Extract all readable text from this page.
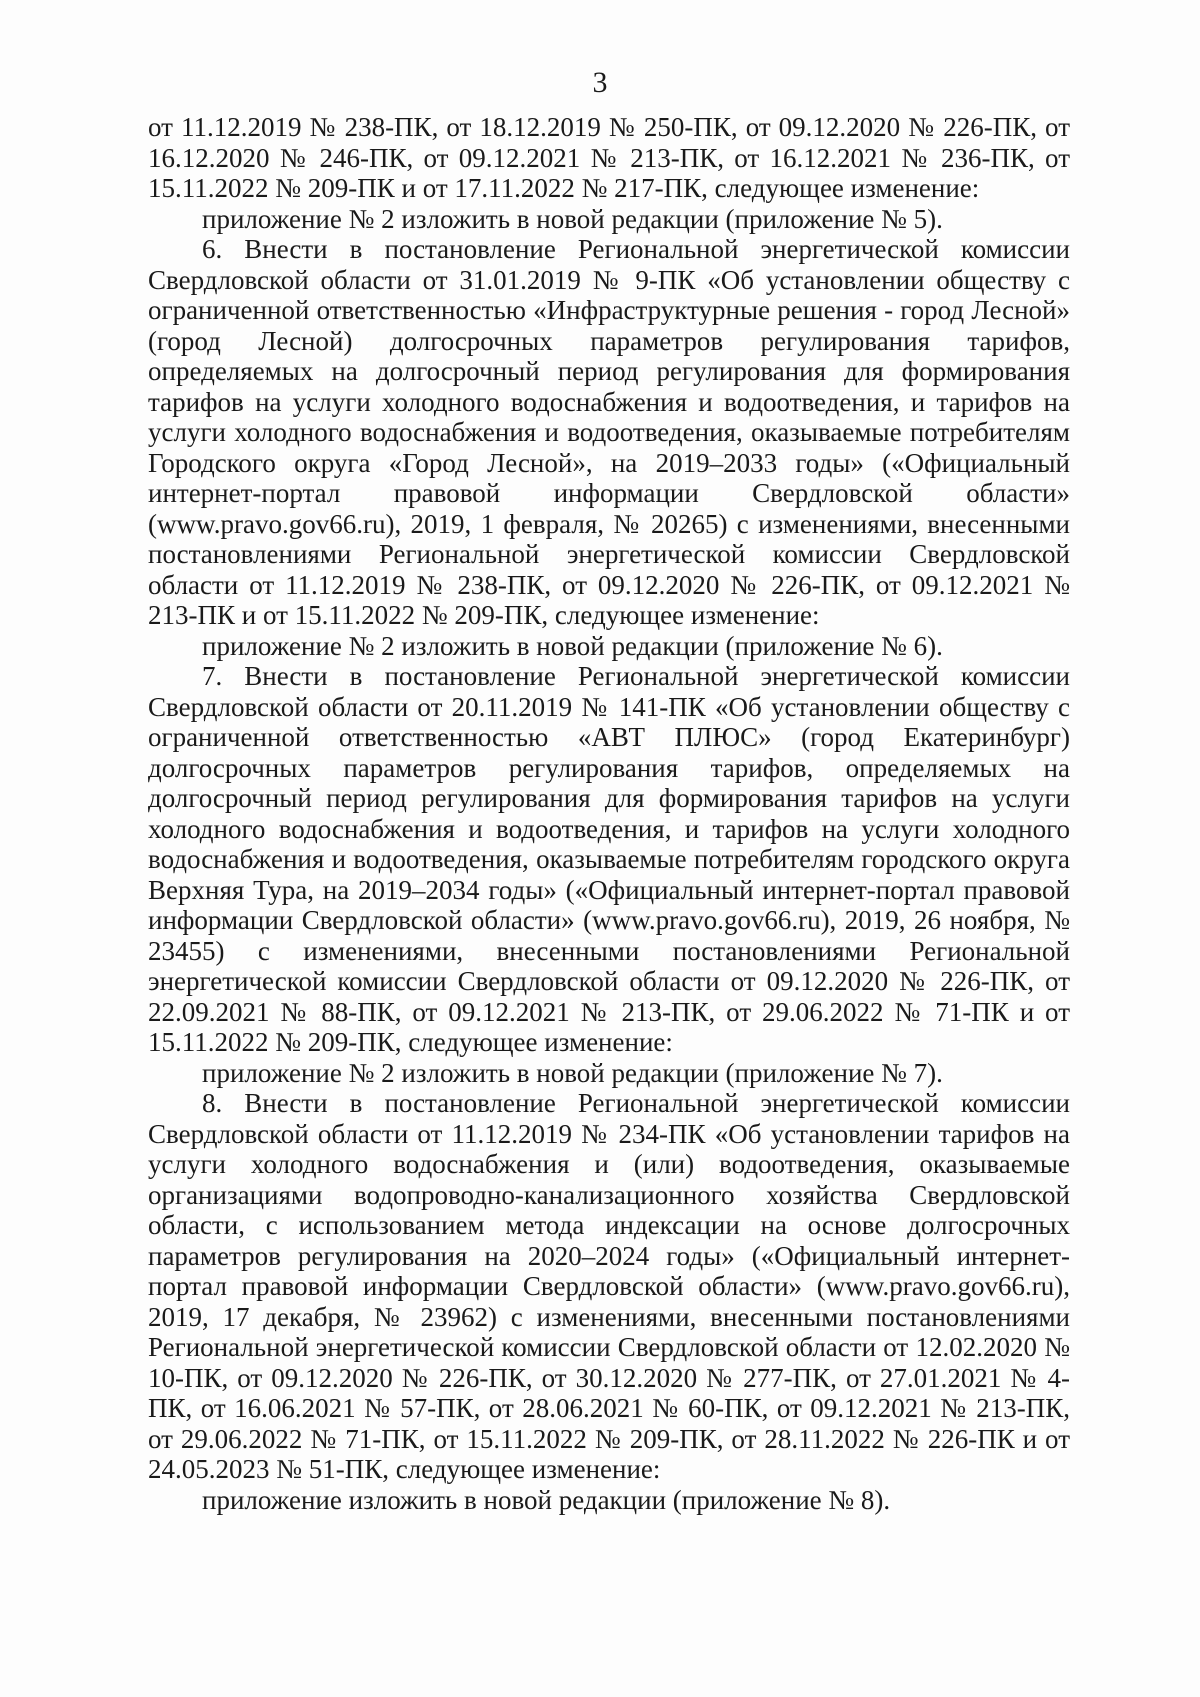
3

от 11.12.2019 № 238-ПК, от 18.12.2019 № 250-ПК, от 09.12.2020 № 226-ПК, от 16.12.2020 № 246-ПК, от 09.12.2021 № 213-ПК, от 16.12.2021 № 236-ПК, от 15.11.2022 № 209-ПК и от 17.11.2022 № 217-ПК, следующее изменение:

приложение № 2 изложить в новой редакции (приложение № 5).

6. Внести в постановление Региональной энергетической комиссии Свердловской области от 31.01.2019 № 9-ПК «Об установлении обществу с ограниченной ответственностью «Инфраструктурные решения - город Лесной» (город Лесной) долгосрочных параметров регулирования тарифов, определяемых на долгосрочный период регулирования для формирования тарифов на услуги холодного водоснабжения и водоотведения, и тарифов на услуги холодного водоснабжения и водоотведения, оказываемые потребителям Городского округа «Город Лесной», на 2019–2033 годы» («Официальный интернет-портал правовой информации Свердловской области» (www.pravo.gov66.ru), 2019, 1 февраля, № 20265) с изменениями, внесенными постановлениями Региональной энергетической комиссии Свердловской области от 11.12.2019 № 238-ПК, от 09.12.2020 № 226-ПК, от 09.12.2021 № 213-ПК и от 15.11.2022 № 209-ПК, следующее изменение:

приложение № 2 изложить в новой редакции (приложение № 6).

7. Внести в постановление Региональной энергетической комиссии Свердловской области от 20.11.2019 № 141-ПК «Об установлении обществу с ограниченной ответственностью «АВТ ПЛЮС» (город Екатеринбург) долгосрочных параметров регулирования тарифов, определяемых на долгосрочный период регулирования для формирования тарифов на услуги холодного водоснабжения и водоотведения, и тарифов на услуги холодного водоснабжения и водоотведения, оказываемые потребителям городского округа Верхняя Тура, на 2019–2034 годы» («Официальный интернет-портал правовой информации Свердловской области» (www.pravo.gov66.ru), 2019, 26 ноября, № 23455) с изменениями, внесенными постановлениями Региональной энергетической комиссии Свердловской области от 09.12.2020 № 226-ПК, от 22.09.2021 № 88-ПК, от 09.12.2021 № 213-ПК, от 29.06.2022 № 71-ПК и от 15.11.2022 № 209-ПК, следующее изменение:

приложение № 2 изложить в новой редакции (приложение № 7).

8. Внести в постановление Региональной энергетической комиссии Свердловской области от 11.12.2019 № 234-ПК «Об установлении тарифов на услуги холодного водоснабжения и (или) водоотведения, оказываемые организациями водопроводно-канализационного хозяйства Свердловской области, с использованием метода индексации на основе долгосрочных параметров регулирования на 2020–2024 годы» («Официальный интернет-портал правовой информации Свердловской области» (www.pravo.gov66.ru), 2019, 17 декабря, № 23962) с изменениями, внесенными постановлениями Региональной энергетической комиссии Свердловской области от 12.02.2020 № 10-ПК, от 09.12.2020 № 226-ПК, от 30.12.2020 № 277-ПК, от 27.01.2021 № 4-ПК, от 16.06.2021 № 57-ПК, от 28.06.2021 № 60-ПК, от 09.12.2021 № 213-ПК, от 29.06.2022 № 71-ПК, от 15.11.2022 № 209-ПК, от 28.11.2022 № 226-ПК и от 24.05.2023 № 51-ПК, следующее изменение:

приложение изложить в новой редакции (приложение № 8).
